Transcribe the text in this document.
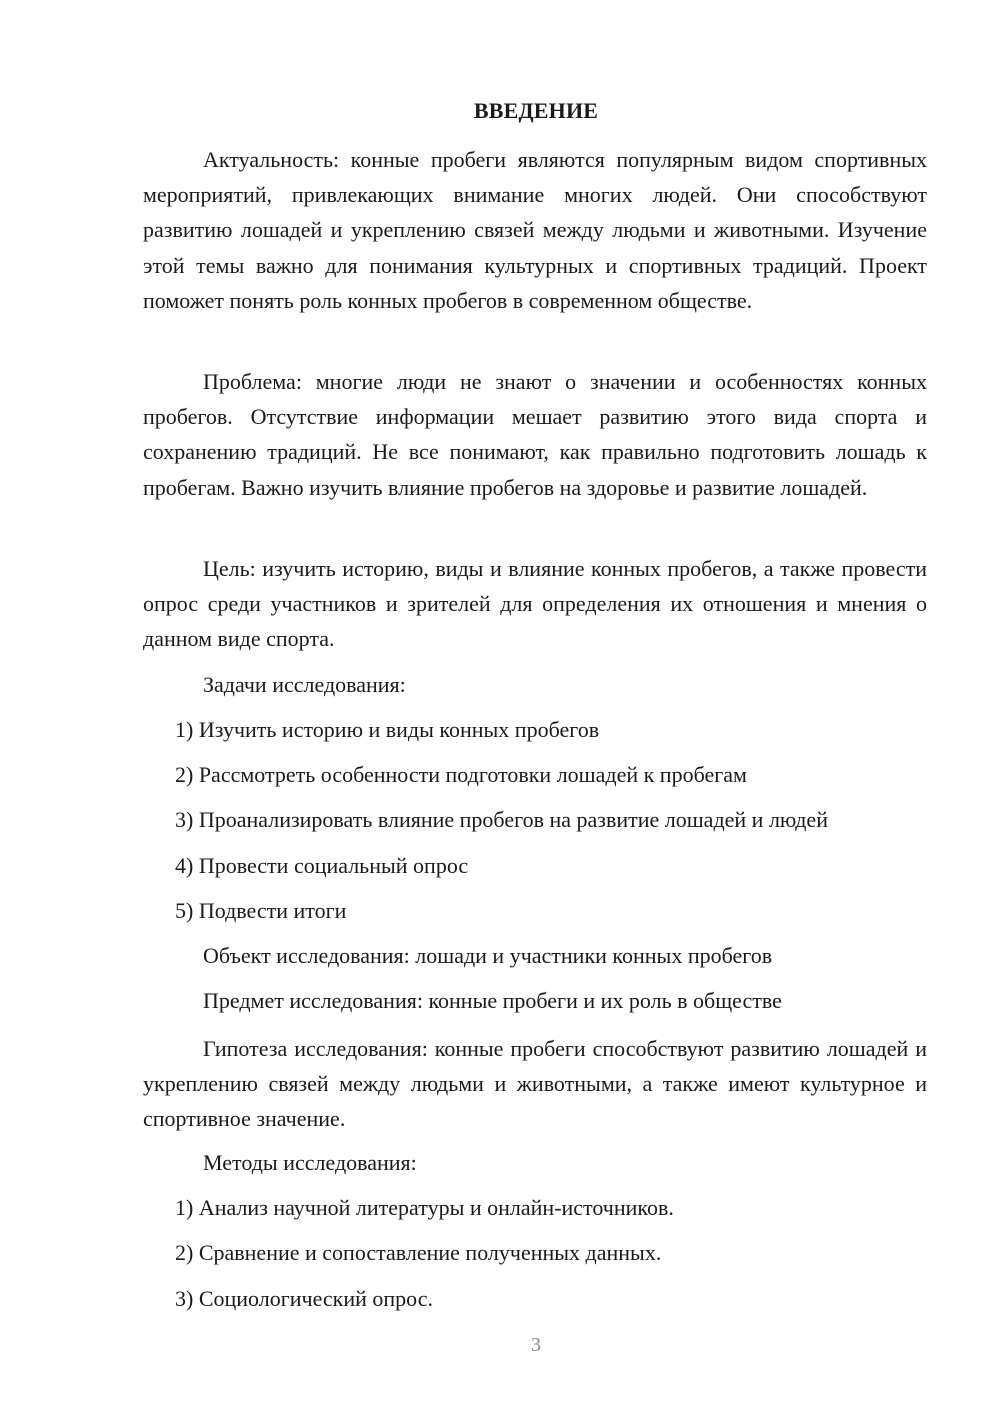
ВВЕДЕНИЕ

Актуальность: конные пробеги являются популярным видом спортивных мероприятий, привлекающих внимание многих людей. Они способствуют развитию лошадей и укреплению связей между людьми и животными. Изучение этой темы важно для понимания культурных и спортивных традиций. Проект поможет понять роль конных пробегов в современном обществе.

Проблема: многие люди не знают о значении и особенностях конных пробегов. Отсутствие информации мешает развитию этого вида спорта и сохранению традиций. Не все понимают, как правильно подготовить лошадь к пробегам. Важно изучить влияние пробегов на здоровье и развитие лошадей.

Цель: изучить историю, виды и влияние конных пробегов, а также провести опрос среди участников и зрителей для определения их отношения и мнения о данном виде спорта.

Задачи исследования:

1) Изучить историю и виды конных пробегов

2) Рассмотреть особенности подготовки лошадей к пробегам

3) Проанализировать влияние пробегов на развитие лошадей и людей

4) Провести социальный опрос

5) Подвести итоги

Объект исследования: лошади и участники конных пробегов

Предмет исследования: конные пробеги и их роль в обществе

Гипотеза исследования: конные пробеги способствуют развитию лошадей и укреплению связей между людьми и животными, а также имеют культурное и спортивное значение.

Методы исследования:

1) Анализ научной литературы и онлайн-источников.

2) Сравнение и сопоставление полученных данных.

3) Социологический опрос.

3
